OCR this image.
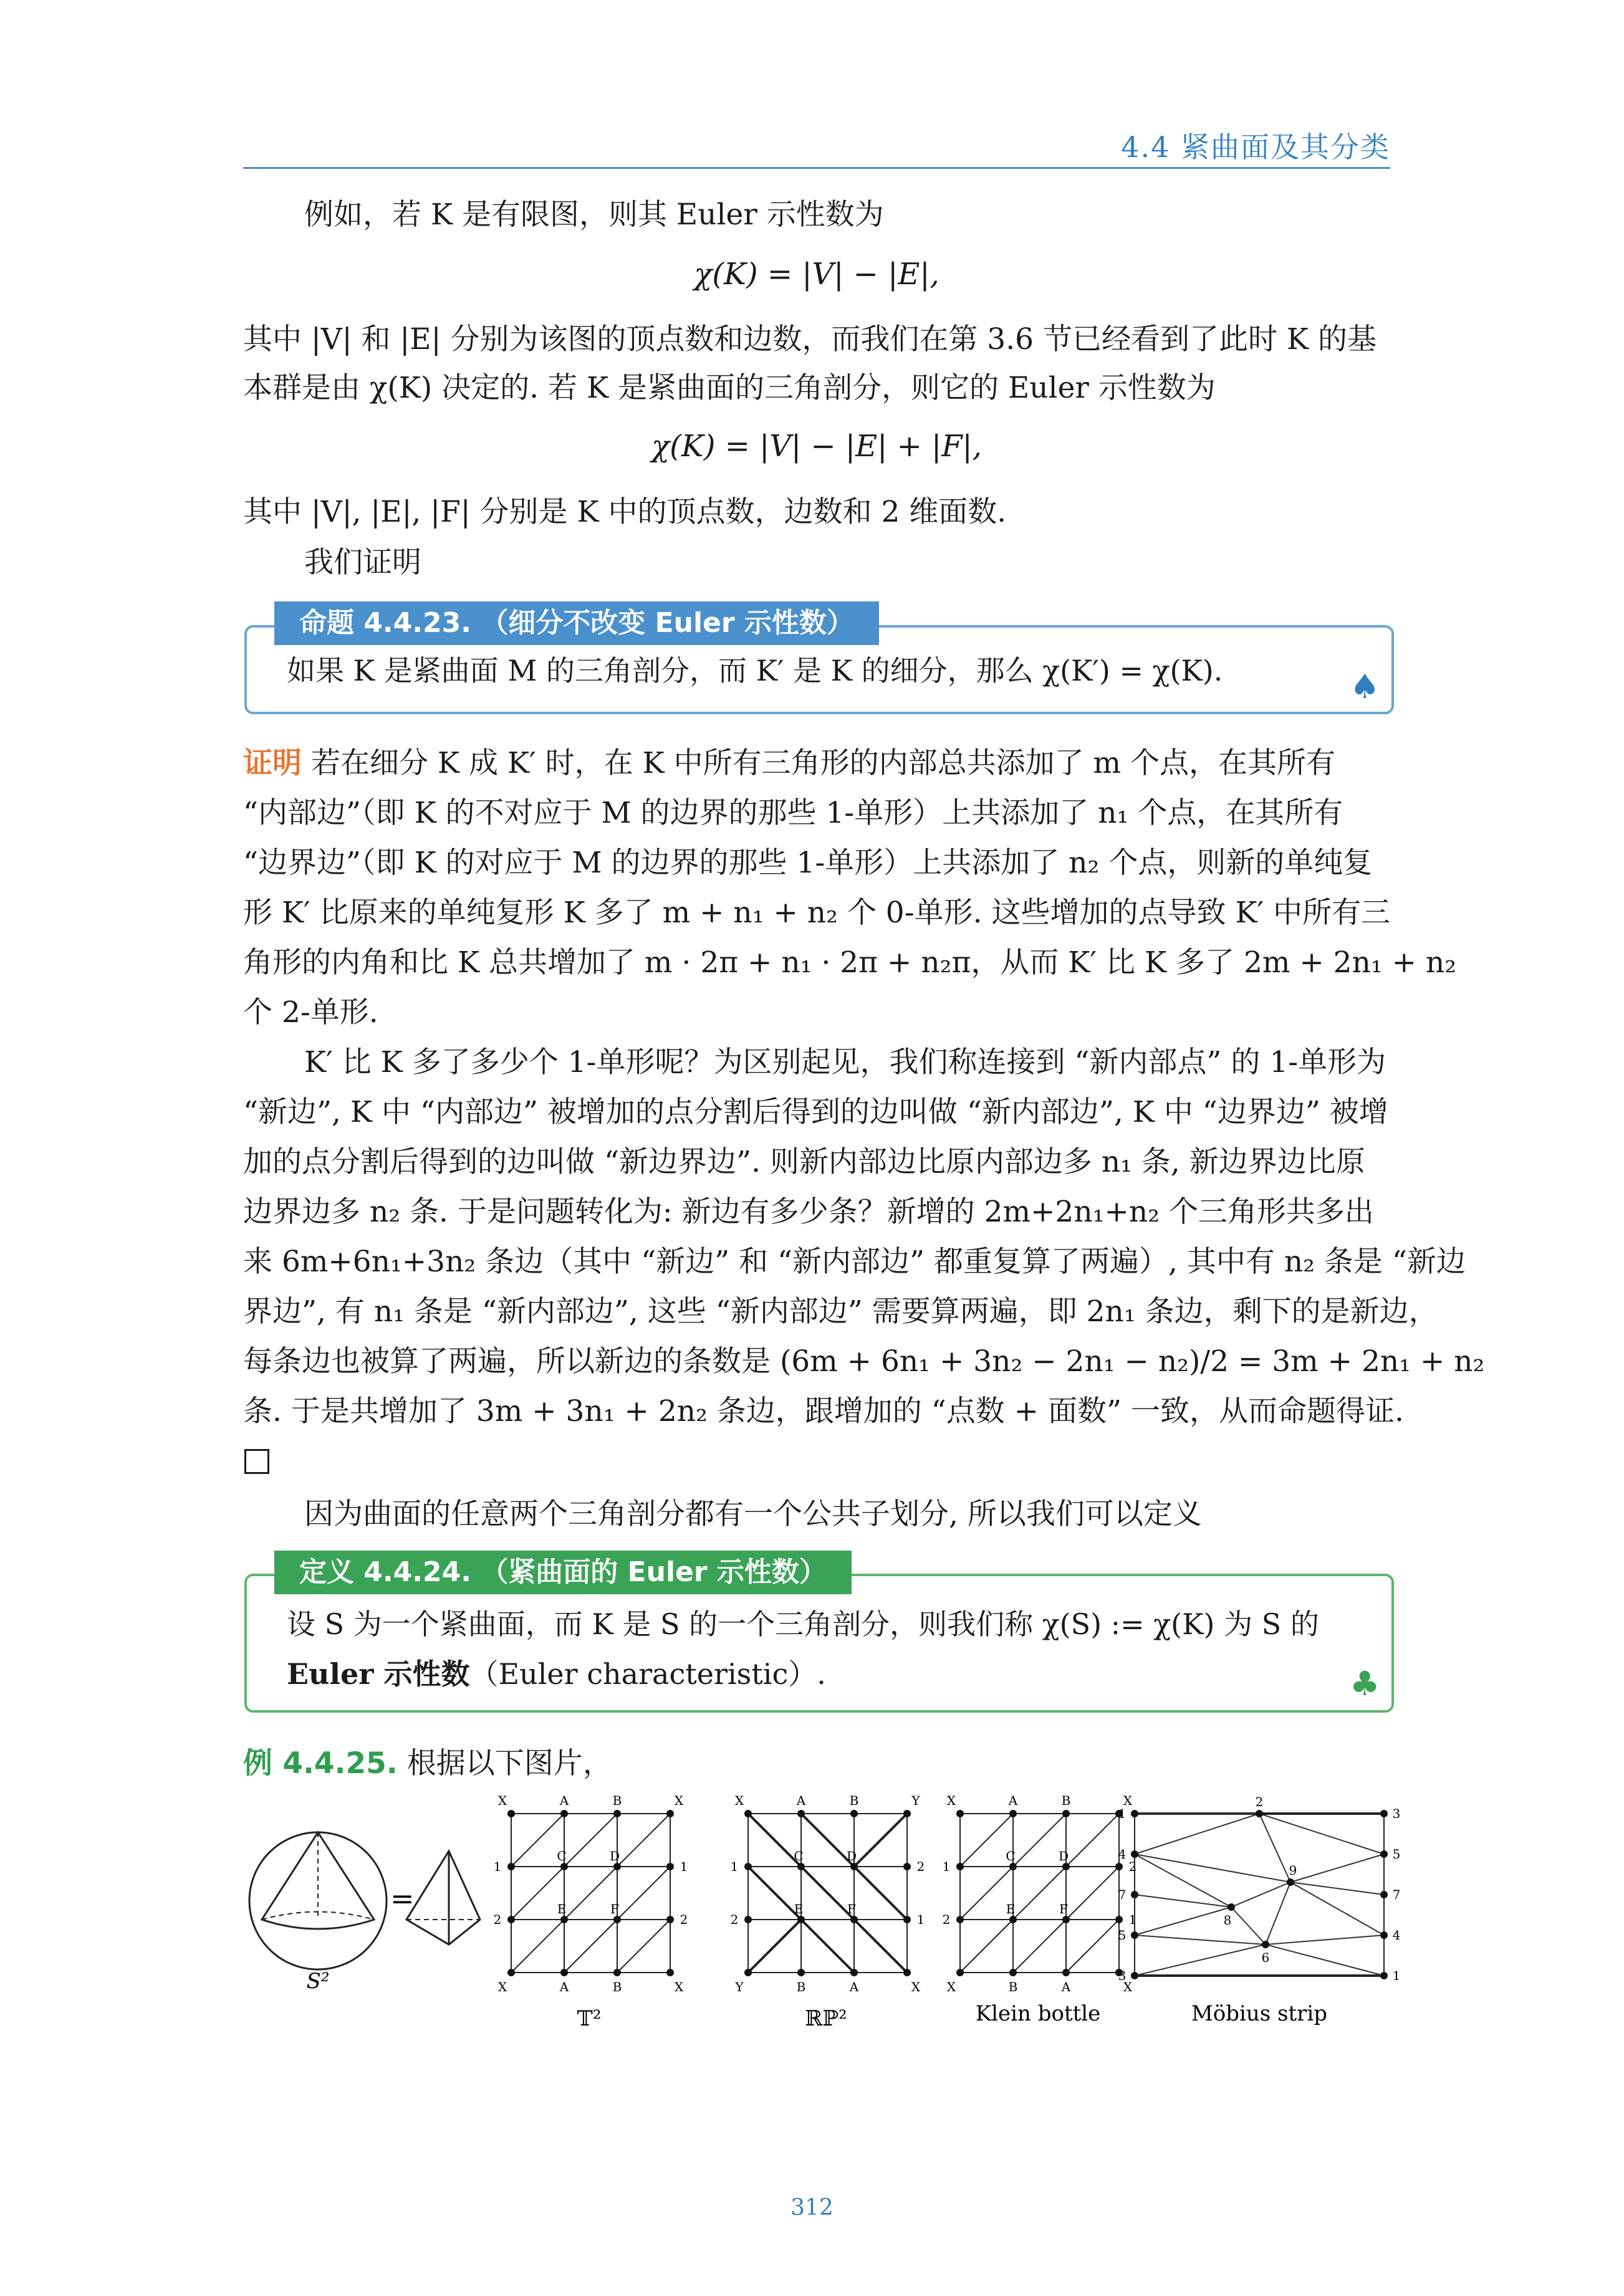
4.4 紧曲面及其分类
例如，若 K 是有限图，则其 Euler 示性数为
χ(K) = |V| − |E|,
其中 |V| 和 |E| 分别为该图的顶点数和边数，而我们在第 3.6 节已经看到了此时 K 的基
本群是由 χ(K) 决定的. 若 K 是紧曲面的三角剖分，则它的 Euler 示性数为
χ(K) = |V| − |E| + |F|,
其中 |V|, |E|, |F| 分别是 K 中的顶点数，边数和 2 维面数.
我们证明
命题 4.4.23. （细分不改变 Euler 示性数）
如果 K 是紧曲面 M 的三角剖分，而 K′ 是 K 的细分，那么 χ(K′) = χ(K).	♠
证明 若在细分 K 成 K′ 时，在 K 中所有三角形的内部总共添加了 m 个点，在其所有
“内部边”（即 K 的不对应于 M 的边界的那些 1-单形）上共添加了 n₁ 个点，在其所有
“边界边”（即 K 的对应于 M 的边界的那些 1-单形）上共添加了 n₂ 个点，则新的单纯复
形 K′ 比原来的单纯复形 K 多了 m + n₁ + n₂ 个 0-单形. 这些增加的点导致 K′ 中所有三
角形的内角和比 K 总共增加了 m · 2π + n₁ · 2π + n₂π，从而 K′ 比 K 多了 2m + 2n₁ + n₂
个 2-单形.
K′ 比 K 多了多少个 1-单形呢？为区别起见，我们称连接到 “新内部点” 的 1-单形为
“新边”, K 中 “内部边” 被增加的点分割后得到的边叫做 “新内部边”, K 中 “边界边” 被增
加的点分割后得到的边叫做 “新边界边”. 则新内部边比原内部边多 n₁ 条, 新边界边比原
边界边多 n₂ 条. 于是问题转化为: 新边有多少条？新增的 2m+2n₁+n₂ 个三角形共多出
来 6m+6n₁+3n₂ 条边（其中 “新边” 和 “新内部边” 都重复算了两遍）, 其中有 n₂ 条是 “新边
界边”, 有 n₁ 条是 “新内部边”, 这些 “新内部边” 需要算两遍，即 2n₁ 条边，剩下的是新边，
每条边也被算了两遍，所以新边的条数是 (6m + 6n₁ + 3n₂ − 2n₁ − n₂)/2 = 3m + 2n₁ + n₂
条. 于是共增加了 3m + 3n₁ + 2n₂ 条边，跟增加的 “点数 + 面数” 一致，从而命题得证.
因为曲面的任意两个三角剖分都有一个公共子划分, 所以我们可以定义
定义 4.4.24. （紧曲面的 Euler 示性数）
设 S 为一个紧曲面，而 K 是 S 的一个三角剖分，则我们称 χ(S) := χ(K) 为 S 的
Euler 示性数（Euler characteristic）.	♣
例 4.4.25. 根据以下图片，
=
S²
X	A	B	X
X	A	B	X
1
2
1
2
C	D
E	F
X	A	B	Y
Y	B	A	X
1
2
2
1
C	D
E	F
X	A	B	X
X	B	A	X
1
2
2
1
C	D
E	F
1
4
7
5
3
3
5
7
4
1
2
9
8
6
𝕋²	ℝℙ²	Klein bottle	Möbius strip
312
